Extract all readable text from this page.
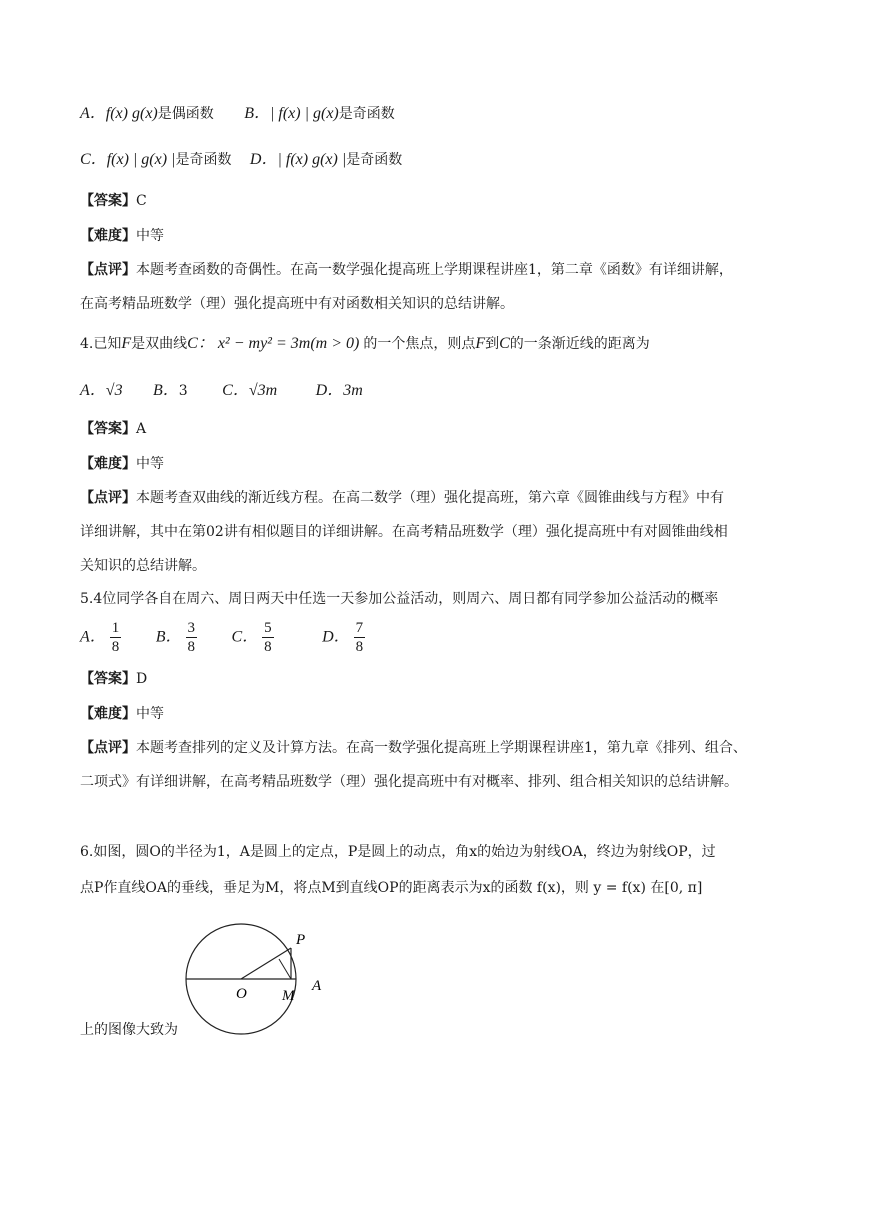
A．f(x) g(x)是偶函数 B．| f(x) | g(x)是奇函数
C．f(x) | g(x) |是奇函数 D．| f(x) g(x) |是奇函数
【答案】C
【难度】中等
【点评】本题考查函数的奇偶性。在高一数学强化提高班上学期课程讲座1，第二章《函数》有详细讲解，
在高考精品班数学（理）强化提高班中有对函数相关知识的总结讲解。
4.已知F是双曲线C： x² − my² = 3m(m > 0) 的一个焦点，则点F到C的一条渐近线的距离为
A．√3 B．3 C．√3m D．3m
【答案】A
【难度】中等
【点评】本题考查双曲线的渐近线方程。在高二数学（理）强化提高班，第六章《圆锥曲线与方程》中有
详细讲解，其中在第02讲有相似题目的详细讲解。在高考精品班数学（理）强化提高班中有对圆锥曲线相
关知识的总结讲解。
5.4位同学各自在周六、周日两天中任选一天参加公益活动，则周六、周日都有同学参加公益活动的概率
A． $\frac{1}{8}$ B． $\frac{3}{8}$ C． $\frac{5}{8}$	D． $\frac{7}{8}$
【答案】D
【难度】中等
【点评】本题考查排列的定义及计算方法。在高一数学强化提高班上学期课程讲座1，第九章《排列、组合、
二项式》有详细讲解，在高考精品班数学（理）强化提高班中有对概率、排列、组合相关知识的总结讲解。
6.如图，圆O的半径为1，A是圆上的定点，P是圆上的动点，角x的始边为射线OA，终边为射线OP，过
点P作直线OA的垂线，垂足为M，将点M到直线OP的距离表示为x的函数 f(x)，则 y = f(x) 在[0, π]
上的图像大致为
P
O M
A
